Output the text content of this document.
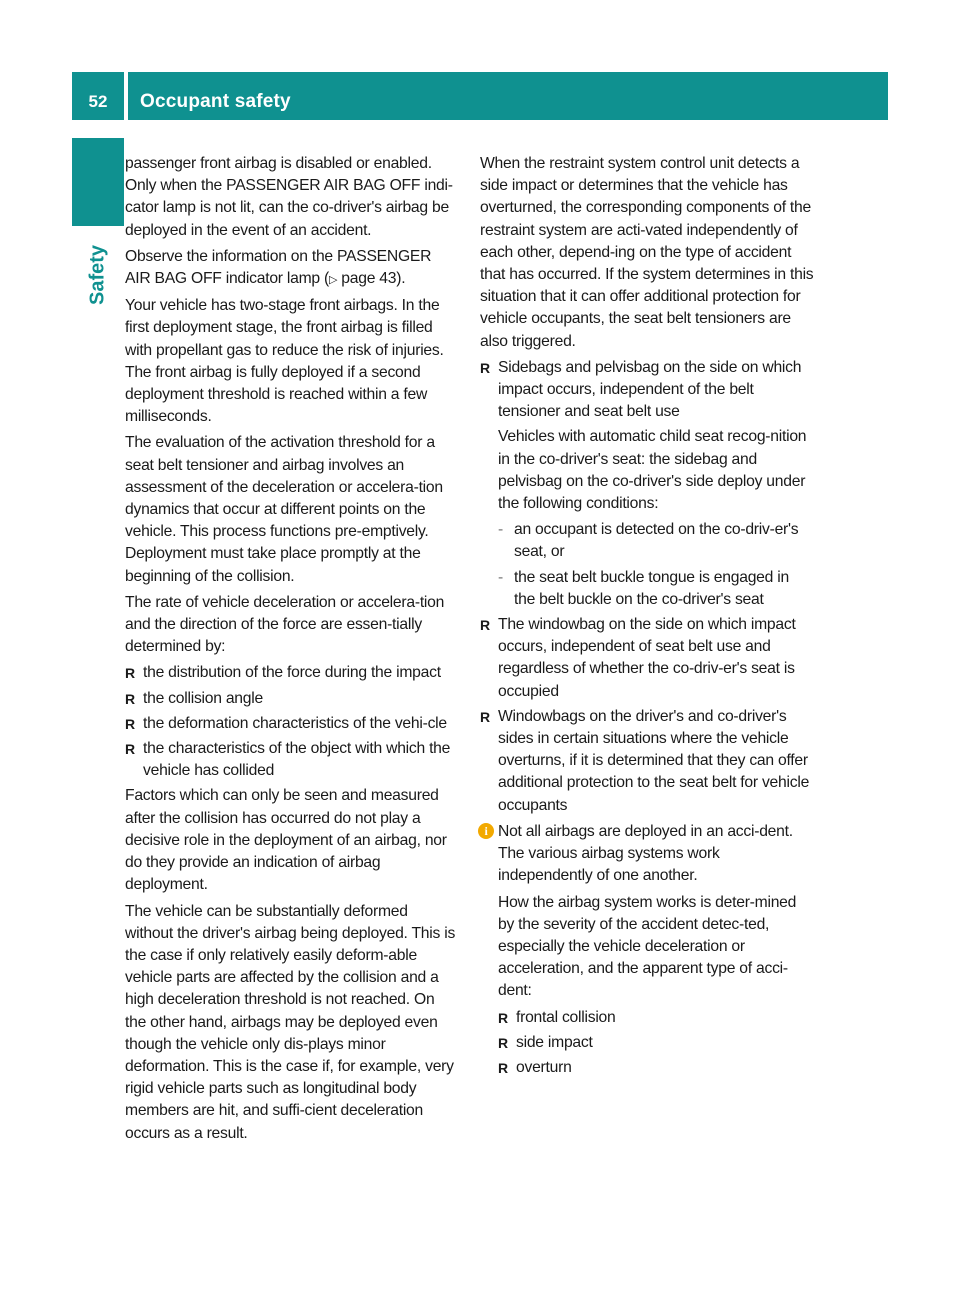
52	Occupant safety
Safety

passenger front airbag is disabled or enabled. Only when the PASSENGER AIR BAG OFF indi-cator lamp is not lit, can the co-driver's airbag be deployed in the event of an accident.

Observe the information on the PASSENGER AIR BAG OFF indicator lamp (▷ page 43).

Your vehicle has two-stage front airbags. In the first deployment stage, the front airbag is filled with propellant gas to reduce the risk of injuries. The front airbag is fully deployed if a second deployment threshold is reached within a few milliseconds.

The evaluation of the activation threshold for a seat belt tensioner and airbag involves an assessment of the deceleration or accelera-tion dynamics that occur at different points on the vehicle. This process functions pre-emptively. Deployment must take place promptly at the beginning of the collision.

The rate of vehicle deceleration or accelera-tion and the direction of the force are essen-tially determined by:

R the distribution of the force during the impact
R the collision angle
R the deformation characteristics of the vehi-cle
R the characteristics of the object with which the vehicle has collided

Factors which can only be seen and measured after the collision has occurred do not play a decisive role in the deployment of an airbag, nor do they provide an indication of airbag deployment.

The vehicle can be substantially deformed without the driver's airbag being deployed. This is the case if only relatively easily deform-able vehicle parts are affected by the collision and a high deceleration threshold is not reached. On the other hand, airbags may be deployed even though the vehicle only dis-plays minor deformation. This is the case if, for example, very rigid vehicle parts such as longitudinal body members are hit, and suffi-cient deceleration occurs as a result.

When the restraint system control unit detects a side impact or determines that the vehicle has overturned, the corresponding components of the restraint system are acti-vated independently of each other, depend-ing on the type of accident that has occurred. If the system determines in this situation that it can offer additional protection for vehicle occupants, the seat belt tensioners are also triggered.

R Sidebags and pelvisbag on the side on which impact occurs, independent of the belt tensioner and seat belt use

Vehicles with automatic child seat recog-nition in the co-driver's seat: the sidebag and pelvisbag on the co-driver's side deploy under the following conditions:

- an occupant is detected on the co-driv-er's seat, or
- the seat belt buckle tongue is engaged in the belt buckle on the co-driver's seat
R The windowbag on the side on which impact occurs, independent of seat belt use and regardless of whether the co-driv-er's seat is occupied
R Windowbags on the driver's and co-driver's sides in certain situations where the vehicle overturns, if it is determined that they can offer additional protection to the seat belt for vehicle occupants
i Not all airbags are deployed in an acci-dent. The various airbag systems work independently of one another.

How the airbag system works is deter-mined by the severity of the accident detec-ted, especially the vehicle deceleration or acceleration, and the apparent type of acci-dent:

R frontal collision
R side impact
R overturn
